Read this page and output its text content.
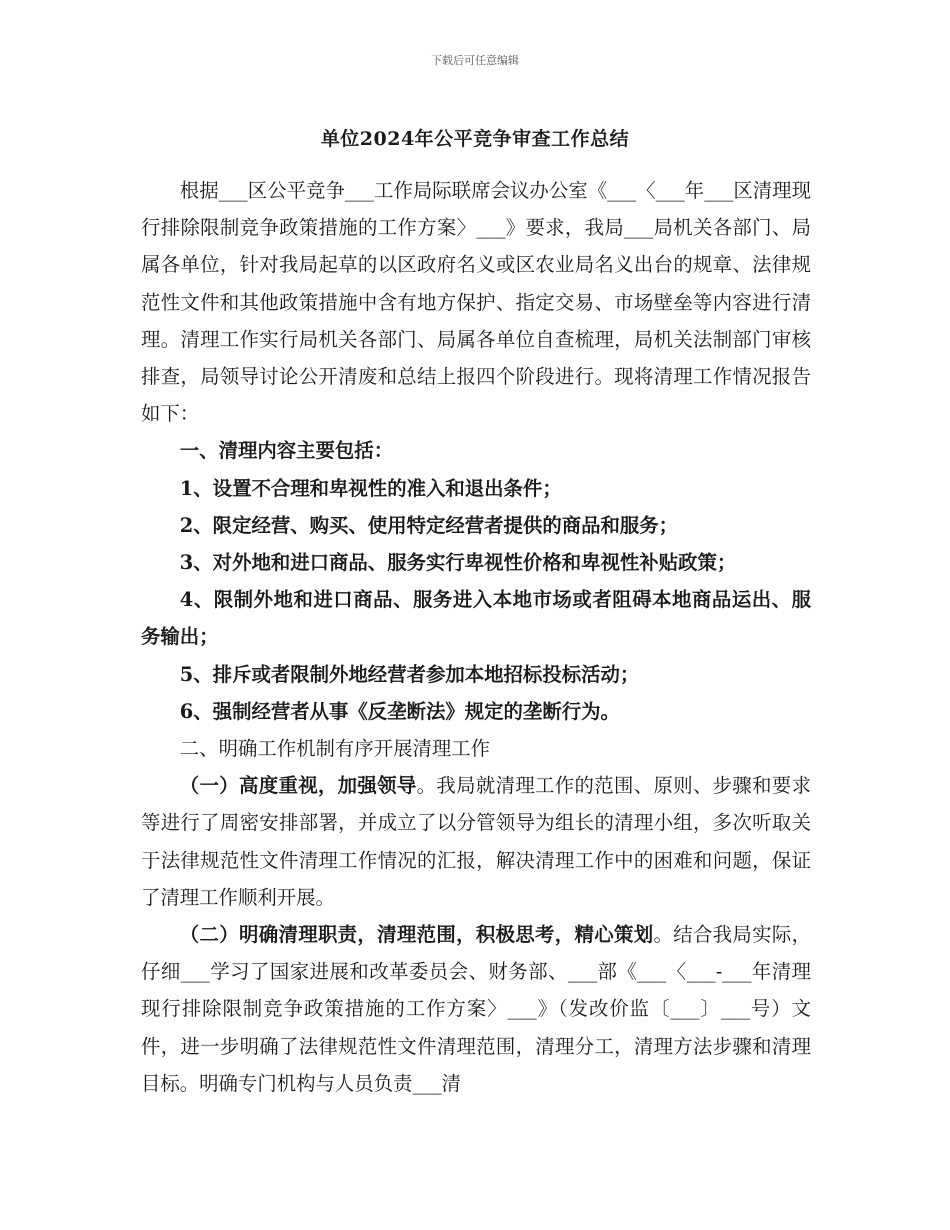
下载后可任意编辑
单位2024年公平竞争审查工作总结

根据___区公平竞争___工作局际联席会议办公室《___〈___年___区清理现行排除限制竞争政策措施的工作方案〉___》要求，我局___局机关各部门、局属各单位，针对我局起草的以区政府名义或区农业局名义出台的规章、法律规范性文件和其他政策措施中含有地方保护、指定交易、市场壁垒等内容进行清理。清理工作实行局机关各部门、局属各单位自查梳理，局机关法制部门审核排查，局领导讨论公开清废和总结上报四个阶段进行。现将清理工作情况报告如下：

一、清理内容主要包括：

1、设置不合理和卑视性的准入和退出条件；

2、限定经营、购买、使用特定经营者提供的商品和服务；

3、对外地和进口商品、服务实行卑视性价格和卑视性补贴政策；

4、限制外地和进口商品、服务进入本地市场或者阻碍本地商品运出、服务输出；

5、排斥或者限制外地经营者参加本地招标投标活动；

6、强制经营者从事《反垄断法》规定的垄断行为。

二、明确工作机制有序开展清理工作

（一）高度重视，加强领导。我局就清理工作的范围、原则、步骤和要求等进行了周密安排部署，并成立了以分管领导为组长的清理小组，多次听取关于法律规范性文件清理工作情况的汇报，解决清理工作中的困难和问题，保证了清理工作顺利开展。

（二）明确清理职责，清理范围，积极思考，精心策划。结合我局实际，仔细___学习了国家进展和改革委员会、财务部、___部《___〈___-___年清理现行排除限制竞争政策措施的工作方案〉___》（发改价监〔___〕___号）文件，进一步明确了法律规范性文件清理范围，清理分工，清理方法步骤和清理目标。明确专门机构与人员负责___清
